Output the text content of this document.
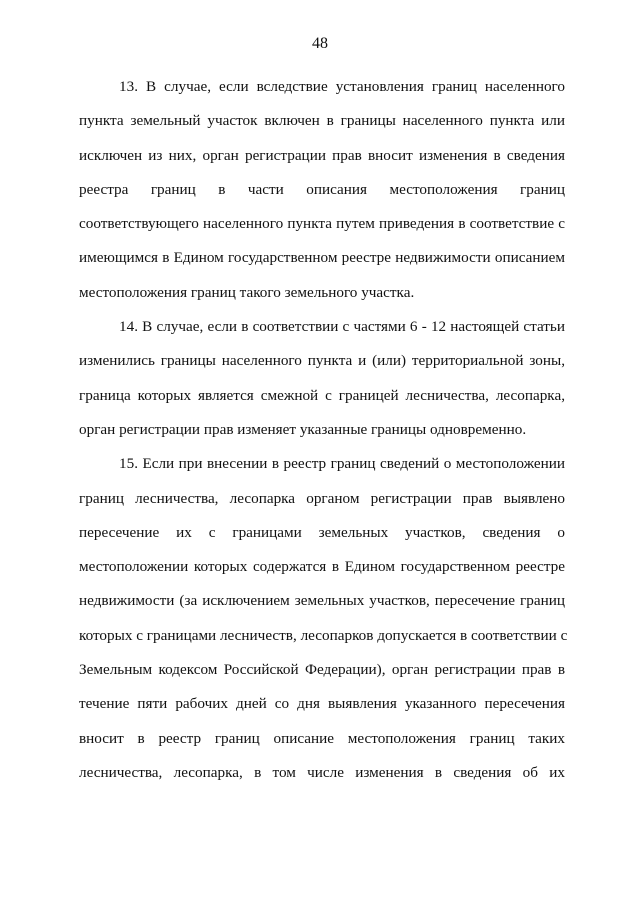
48
13. В случае, если вследствие установления границ населенного
пункта земельный участок включен в границы населенного пункта или
исключен из них, орган регистрации прав вносит изменения в сведения
реестра границ в части описания местоположения границ
соответствующего населенного пункта путем приведения в соответствие с
имеющимся в Едином государственном реестре недвижимости описанием
местоположения границ такого земельного участка.
14. В случае, если в соответствии с частями 6 - 12 настоящей статьи
изменились границы населенного пункта и (или) территориальной зоны,
граница которых является смежной с границей лесничества, лесопарка,
орган регистрации прав изменяет указанные границы одновременно.
15. Если при внесении в реестр границ сведений о местоположении
границ лесничества, лесопарка органом регистрации прав выявлено
пересечение их с границами земельных участков, сведения о
местоположении которых содержатся в Едином государственном реестре
недвижимости (за исключением земельных участков, пересечение границ
которых с границами лесничеств, лесопарков допускается в соответствии с
Земельным кодексом Российской Федерации), орган регистрации прав в
течение пяти рабочих дней со дня выявления указанного пересечения
вносит в реестр границ описание местоположения границ таких
лесничества, лесопарка, в том числе изменения в сведения об их
